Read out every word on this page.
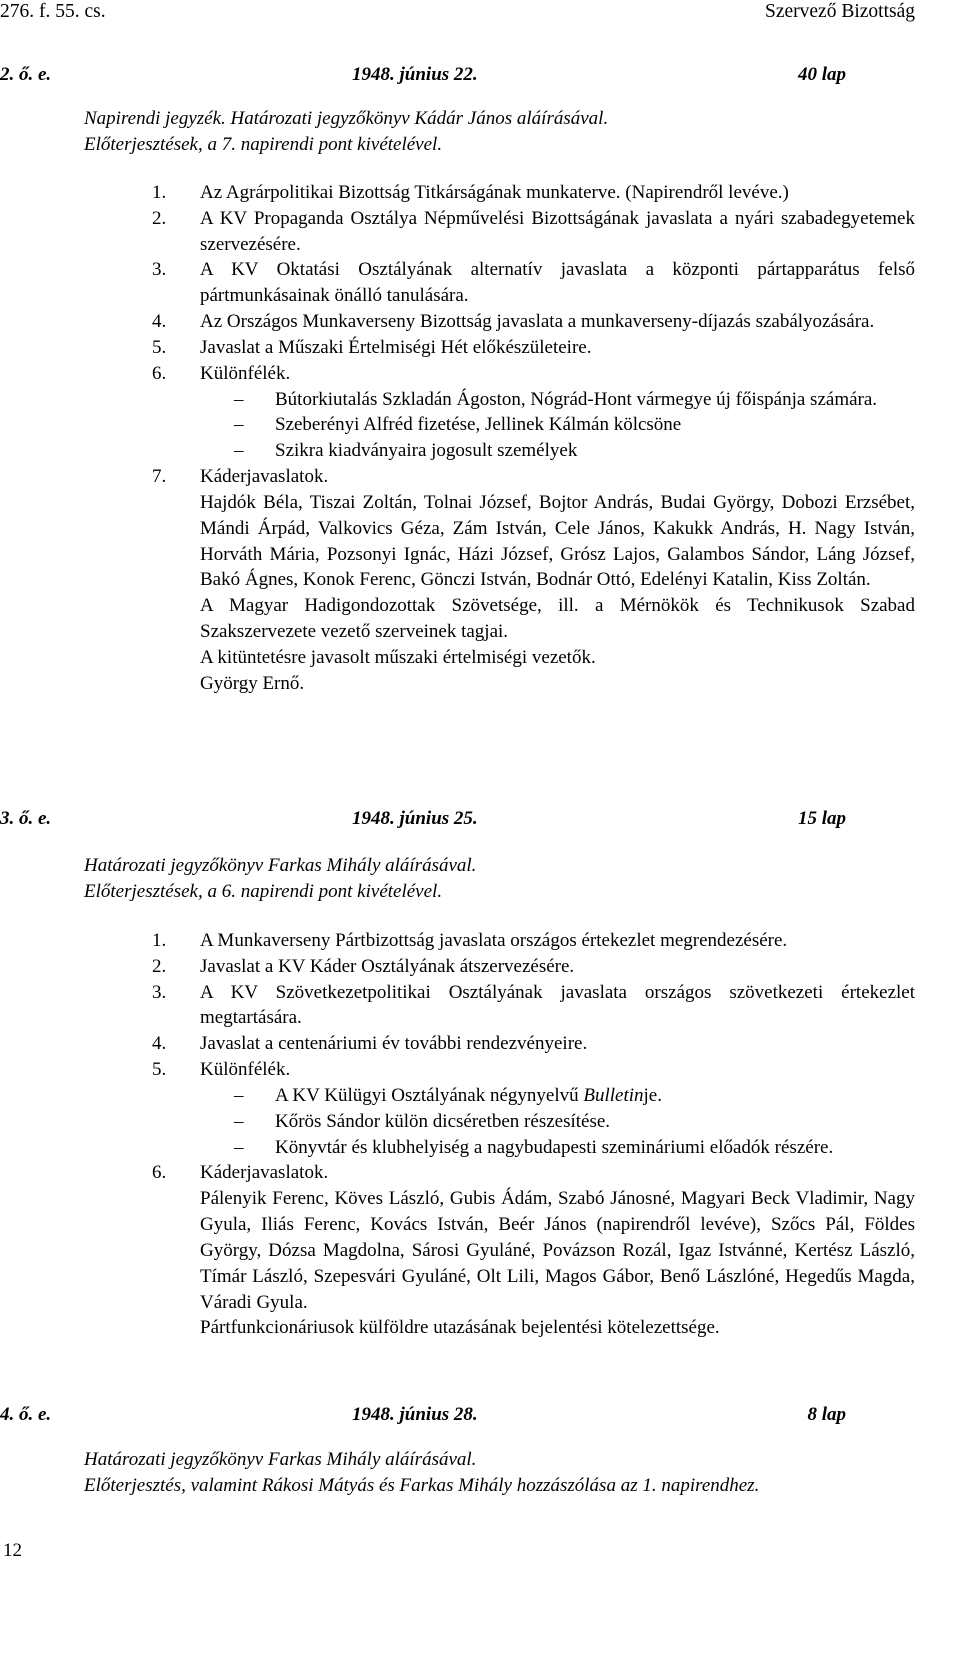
276. f. 55. cs.	Szervező Bizottság
2. ő. e.	1948. június 22.	40 lap
Napirendi jegyzék. Határozati jegyzőkönyv Kádár János aláírásával.
Előterjesztések, a 7. napirendi pont kivételével.
1. Az Agrárpolitikai Bizottság Titkárságának munkaterve. (Napirendről levéve.)
2. A KV Propaganda Osztálya Népművelési Bizottságának javaslata a nyári szabadegyetemek szervezésére.
3. A KV Oktatási Osztályának alternatív javaslata a központi pártapparátus felső pártmunkásainak önálló tanulására.
4. Az Országos Munkaverseny Bizottság javaslata a munkaverseny-díjazás szabályozására.
5. Javaslat a Műszaki Értelmiségi Hét előkészületeire.
6. Különfélék.
– Bútorkiutalás Szkladán Ágoston, Nógrád-Hont vármegye új főispánja számára.
– Szeberényi Alfréd fizetése, Jellinek Kálmán kölcsöne
– Szikra kiadványaira jogosult személyek
7. Káderjavaslatok.
Hajdók Béla, Tiszai Zoltán, Tolnai József, Bojtor András, Budai György, Dobozi Erzsébet, Mándi Árpád, Valkovics Géza, Zám István, Cele János, Kakukk András, H. Nagy István, Horváth Mária, Pozsonyi Ignác, Házi József, Grósz Lajos, Galambos Sándor, Láng József, Bakó Ágnes, Konok Ferenc, Gönczi István, Bodnár Ottó, Edelényi Katalin, Kiss Zoltán.
A Magyar Hadigondozottak Szövetsége, ill. a Mérnökök és Technikusok Szabad Szakszervezete vezető szerveinek tagjai.
A kitüntetésre javasolt műszaki értelmiségi vezetők.
György Ernő.
3. ő. e.	1948. június 25.	15 lap
Határozati jegyzőkönyv Farkas Mihály aláírásával.
Előterjesztések, a 6. napirendi pont kivételével.
1. A Munkaverseny Pártbizottság javaslata országos értekezlet megrendezésére.
2. Javaslat a KV Káder Osztályának átszervezésére.
3. A KV Szövetkezetpolitikai Osztályának javaslata országos szövetkezeti értekezlet megtartására.
4. Javaslat a centenáriumi év további rendezvényeire.
5. Különfélék.
– A KV Külügyi Osztályának négynyelvű Bulletinje.
– Kőrös Sándor külön dicséretben részesítése.
– Könyvtár és klubhelyiség a nagybudapesti szemináriumi előadók részére.
6. Káderjavaslatok.
Pálenyik Ferenc, Köves László, Gubis Ádám, Szabó Jánosné, Magyari Beck Vladimir, Nagy Gyula, Iliás Ferenc, Kovács István, Beér János (napirendről levéve), Szőcs Pál, Földes György, Dózsa Magdolna, Sárosi Gyuláné, Povázson Rozál, Igaz Istvánné, Kertész László, Tímár László, Szepesvári Gyuláné, Olt Lili, Magos Gábor, Benő Lászlóné, Hegedűs Magda, Váradi Gyula.
Pártfunkcionáriusok külföldre utazásának bejelentési kötelezettsége.
4. ő. e.	1948. június 28.	8 lap
Határozati jegyzőkönyv Farkas Mihály aláírásával.
Előterjesztés, valamint Rákosi Mátyás és Farkas Mihály hozzászólása az 1. napirendhez.
12
